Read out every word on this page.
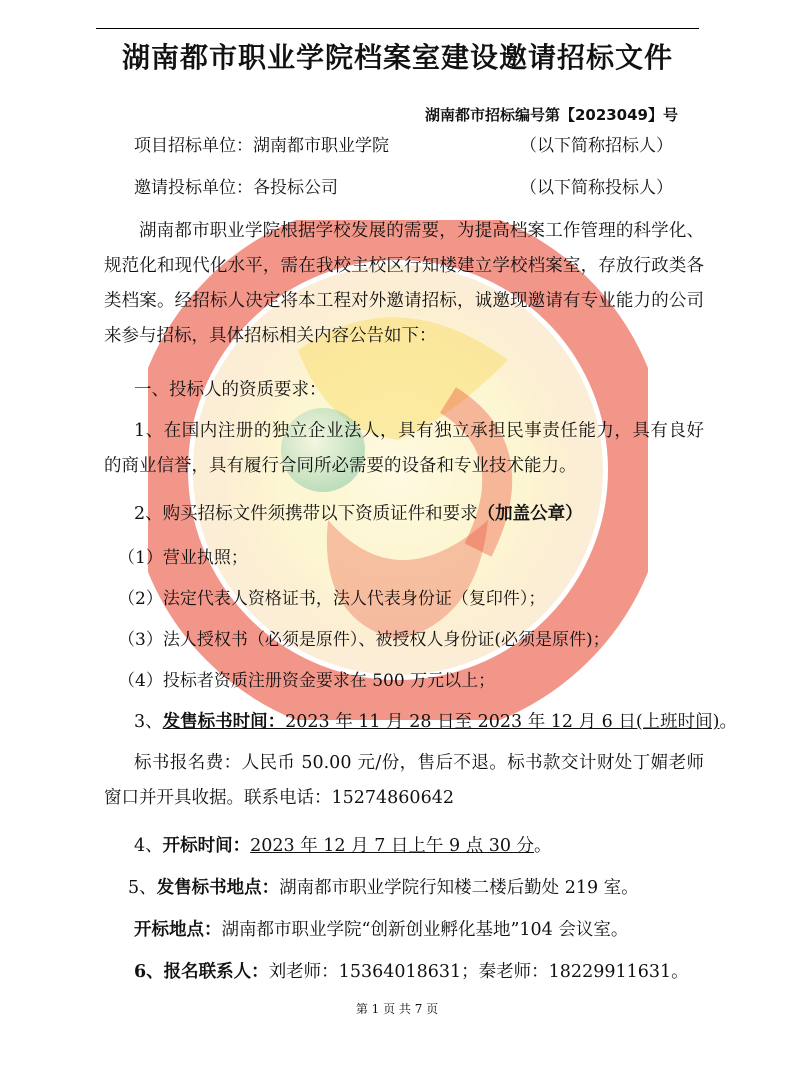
湖南都市职业学院档案室建设邀请招标文件
湖南都市招标编号第【2023049】号
项目招标单位：湖南都市职业学院	（以下简称招标人）
邀请投标单位：各投标公司	（以下简称投标人）
湖南都市职业学院根据学校发展的需要，为提高档案工作管理的科学化、规范化和现代化水平，需在我校主校区行知楼建立学校档案室，存放行政类各类档案。经招标人决定将本工程对外邀请招标，诚邀现邀请有专业能力的公司来参与招标，具体招标相关内容公告如下：
一、投标人的资质要求：
1、在国内注册的独立企业法人，具有独立承担民事责任能力，具有良好的商业信誉，具有履行合同所必需要的设备和专业技术能力。
2、购买招标文件须携带以下资质证件和要求（加盖公章）
（1）营业执照；
（2）法定代表人资格证书，法人代表身份证（复印件）；
（3）法人授权书（必须是原件）、被授权人身份证(必须是原件)；
（4）投标者资质注册资金要求在 500 万元以上；
3、发售标书时间：2023 年 11 月 28 日至 2023 年 12 月 6 日(上班时间)。
标书报名费：人民币 50.00 元/份，售后不退。标书款交计财处丁媚老师窗口并开具收据。联系电话：15274860642
4、开标时间：2023 年 12 月 7 日上午 9 点 30 分。
5、发售标书地点：湖南都市职业学院行知楼二楼后勤处 219 室。
开标地点：湖南都市职业学院“创新创业孵化基地”104 会议室。
6、报名联系人：刘老师：15364018631；秦老师：18229911631。
第 1 页 共 7 页
